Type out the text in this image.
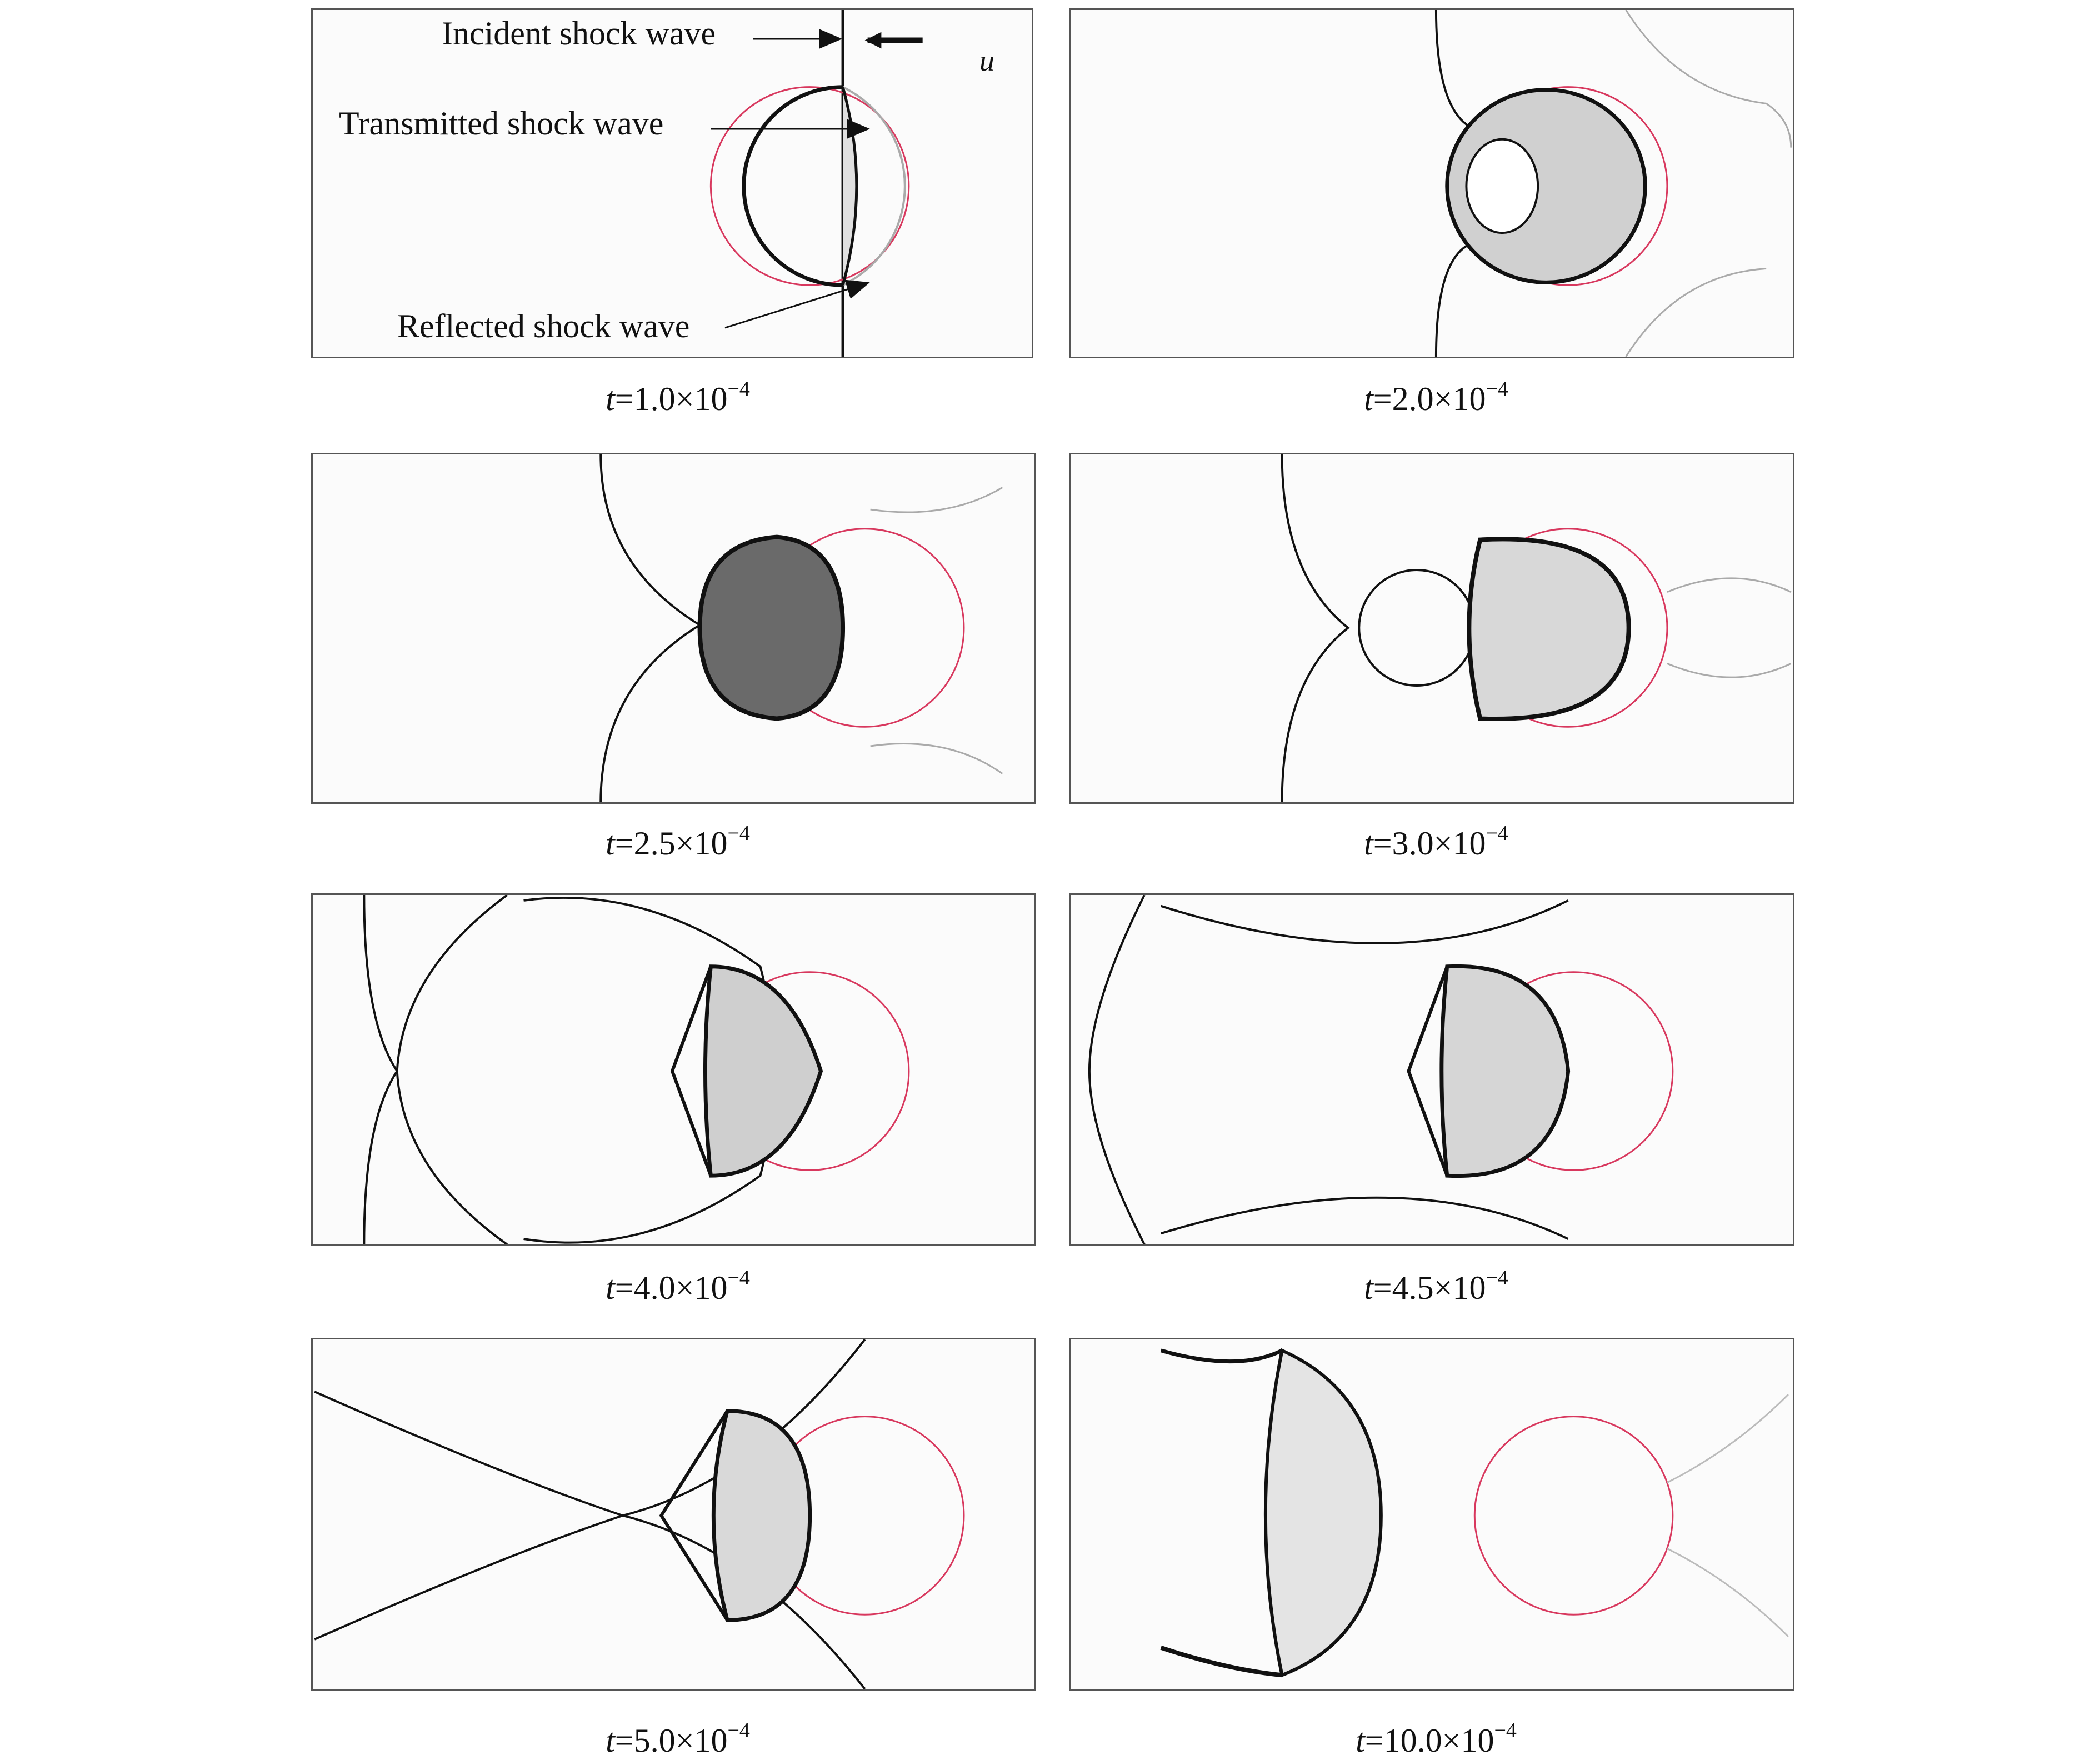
u
Incident shock wave
Transmitted shock wave
Reflected shock wave
$t=1.0\times 10^{-4}$	$t=2.0\times 10^{-4}$
$t=2.5\times 10^{-4}$	$t=3.0\times 10^{-4}$
$t=4.0\times 10^{-4}$	$t=4.5\times 10^{-4}$
$t=5.0\times 10^{-4}$	$t=10.0\times 10^{-4}$
